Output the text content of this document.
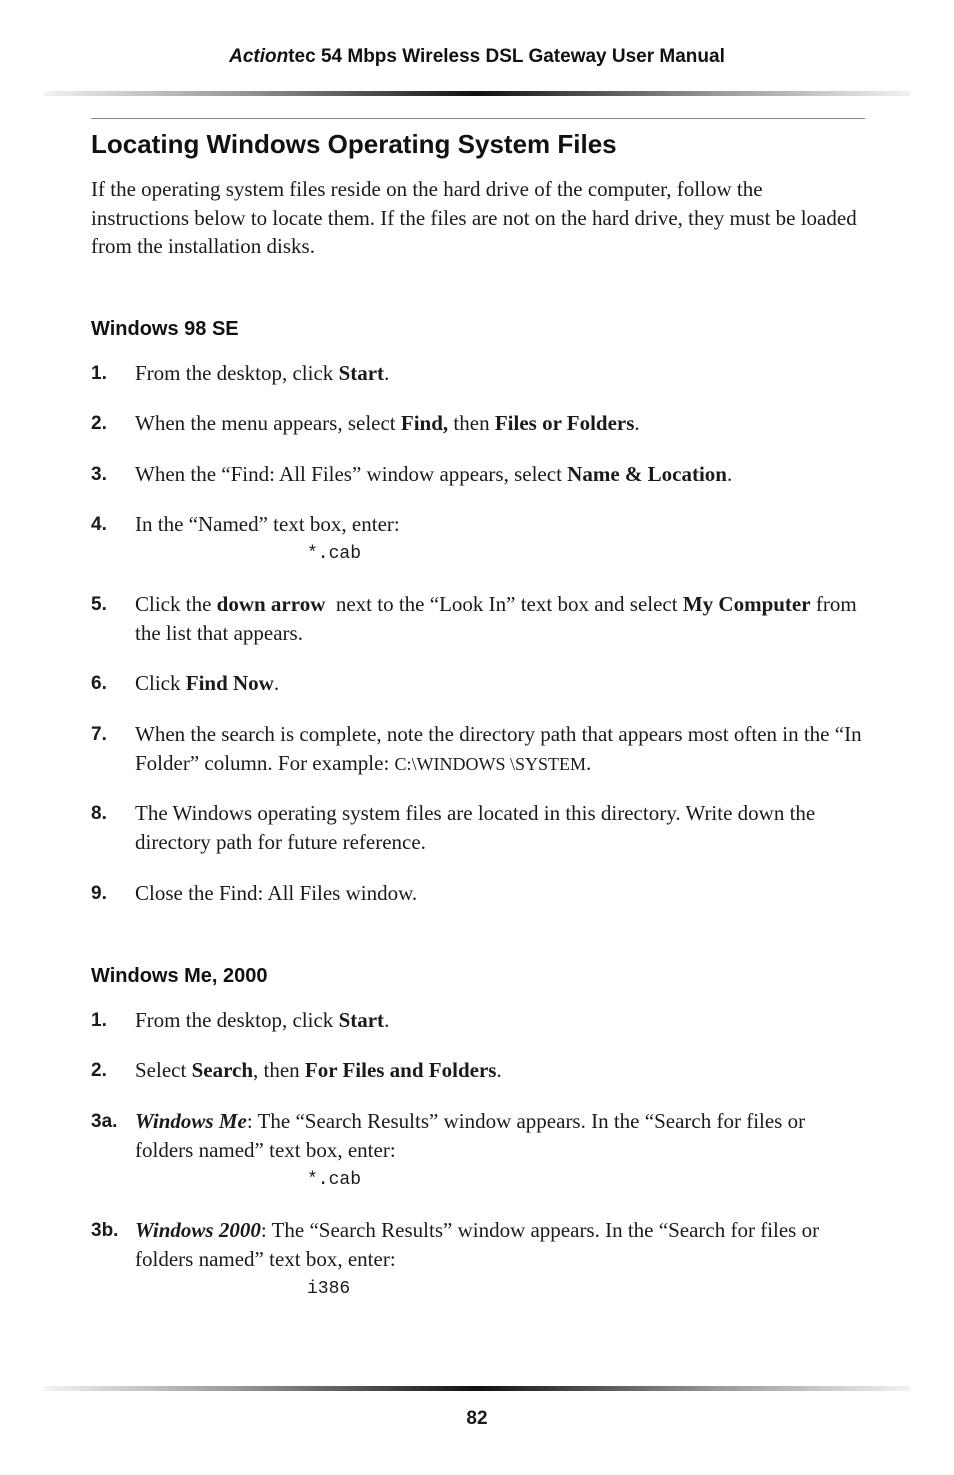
Actiontec 54 Mbps Wireless DSL Gateway User Manual
Locating Windows Operating System Files
If the operating system files reside on the hard drive of the computer, follow the instructions below to locate them. If the files are not on the hard drive, they must be loaded from the installation disks.
Windows 98 SE
1. From the desktop, click Start.
2. When the menu appears, select Find, then Files or Folders.
3. When the “Find: All Files” window appears, select Name & Location.
4. In the “Named” text box, enter:
*.cab
5. Click the down arrow  next to the “Look In” text box and select My Computer from the list that appears.
6. Click Find Now.
7. When the search is complete, note the directory path that appears most often in the “In Folder” column. For example: C:\WINDOWS \SYSTEM.
8. The Windows operating system files are located in this directory. Write down the directory path for future reference.
9. Close the Find: All Files window.
Windows Me, 2000
1. From the desktop, click Start.
2. Select Search, then For Files and Folders.
3a. Windows Me: The “Search Results” window appears. In the “Search for files or folders named” text box, enter:
*.cab
3b. Windows 2000: The “Search Results” window appears. In the “Search for files or folders named” text box, enter:
i386
82
